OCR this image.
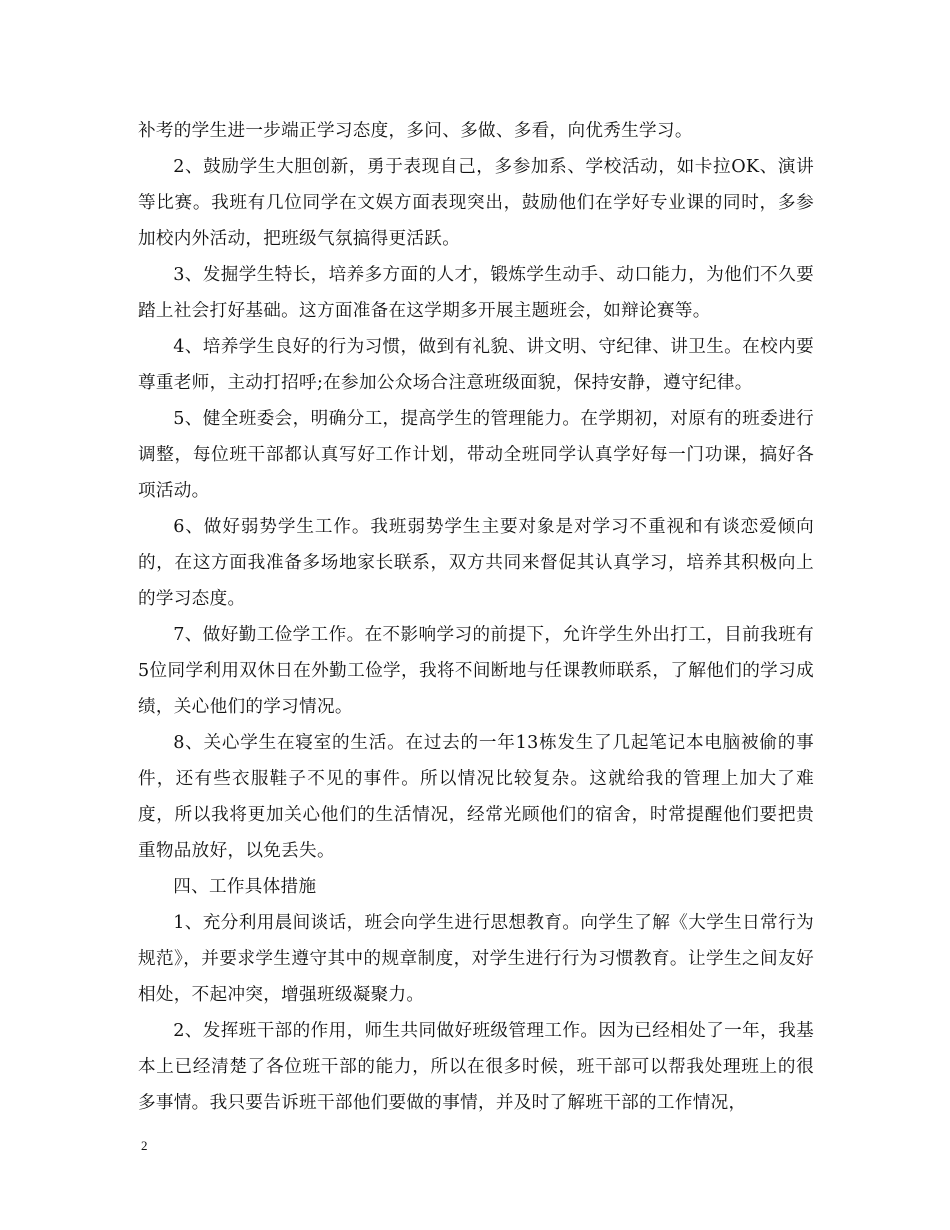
补考的学生进一步端正学习态度，多问、多做、多看，向优秀生学习。

2、鼓励学生大胆创新，勇于表现自己，多参加系、学校活动，如卡拉OK、演讲等比赛。我班有几位同学在文娱方面表现突出，鼓励他们在学好专业课的同时，多参加校内外活动，把班级气氛搞得更活跃。

3、发掘学生特长，培养多方面的人才，锻炼学生动手、动口能力，为他们不久要踏上社会打好基础。这方面准备在这学期多开展主题班会，如辩论赛等。

4、培养学生良好的行为习惯，做到有礼貌、讲文明、守纪律、讲卫生。在校内要尊重老师，主动打招呼;在参加公众场合注意班级面貌，保持安静，遵守纪律。

5、健全班委会，明确分工，提高学生的管理能力。在学期初，对原有的班委进行调整，每位班干部都认真写好工作计划，带动全班同学认真学好每一门功课，搞好各项活动。

6、做好弱势学生工作。我班弱势学生主要对象是对学习不重视和有谈恋爱倾向的，在这方面我准备多场地家长联系，双方共同来督促其认真学习，培养其积极向上的学习态度。

7、做好勤工俭学工作。在不影响学习的前提下，允许学生外出打工，目前我班有5位同学利用双休日在外勤工俭学，我将不间断地与任课教师联系，了解他们的学习成绩，关心他们的学习情况。

8、关心学生在寝室的生活。在过去的一年13栋发生了几起笔记本电脑被偷的事件，还有些衣服鞋子不见的事件。所以情况比较复杂。这就给我的管理上加大了难度，所以我将更加关心他们的生活情况，经常光顾他们的宿舍，时常提醒他们要把贵重物品放好，以免丢失。

四、工作具体措施

1、充分利用晨间谈话，班会向学生进行思想教育。向学生了解《大学生日常行为规范》，并要求学生遵守其中的规章制度，对学生进行行为习惯教育。让学生之间友好相处，不起冲突，增强班级凝聚力。

2、发挥班干部的作用，师生共同做好班级管理工作。因为已经相处了一年，我基本上已经清楚了各位班干部的能力，所以在很多时候，班干部可以帮我处理班上的很多事情。我只要告诉班干部他们要做的事情，并及时了解班干部的工作情况，

2
